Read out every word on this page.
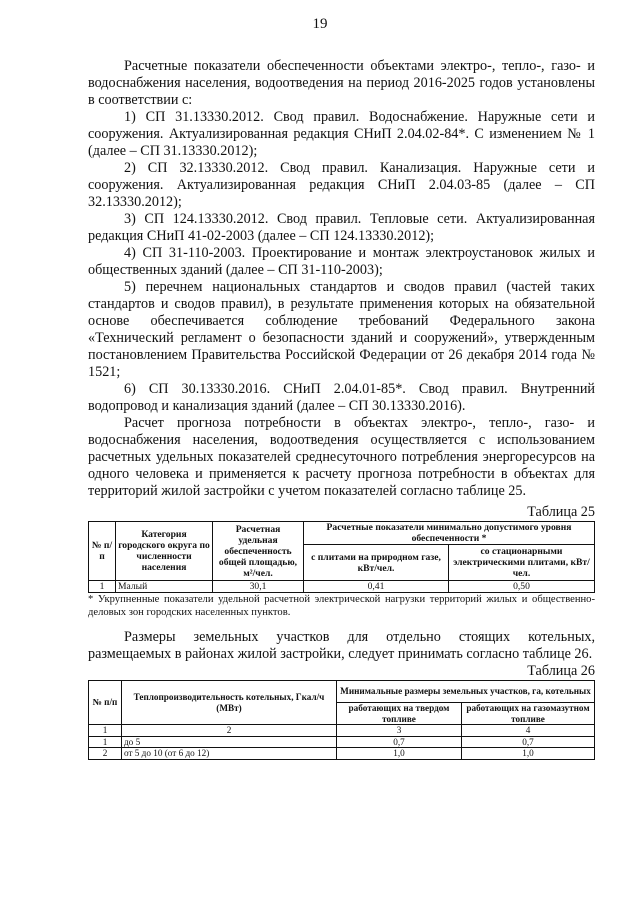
19

Расчетные показатели обеспеченности объектами электро-, тепло-, газо- и водоснабжения населения, водоотведения на период 2016-2025 годов установлены в соответствии с:

1) СП 31.13330.2012. Свод правил. Водоснабжение. Наружные сети и сооружения. Актуализированная редакция СНиП 2.04.02-84*. С изменением № 1 (далее – СП 31.13330.2012);

2) СП 32.13330.2012. Свод правил. Канализация. Наружные сети и сооружения. Актуализированная редакция СНиП 2.04.03-85 (далее – СП 32.13330.2012);

3) СП 124.13330.2012. Свод правил. Тепловые сети. Актуализированная редакция СНиП 41-02-2003 (далее – СП 124.13330.2012);

4) СП 31-110-2003. Проектирование и монтаж электроустановок жилых и общественных зданий (далее – СП 31-110-2003);

5) перечнем национальных стандартов и сводов правил (частей таких стандартов и сводов правил), в результате применения которых на обязательной основе обеспечивается соблюдение требований Федерального закона «Технический регламент о безопасности зданий и сооружений», утвержденным постановлением Правительства Российской Федерации от 26 декабря 2014 года № 1521;

6) СП 30.13330.2016. СНиП 2.04.01-85*. Свод правил. Внутренний водопровод и канализация зданий (далее – СП 30.13330.2016).

Расчет прогноза потребности в объектах электро-, тепло-, газо- и водоснабжения населения, водоотведения осуществляется с использованием расчетных удельных показателей среднесуточного потребления энергоресурсов на одного человека и применяется к расчету прогноза потребности в объектах для территорий жилой застройки с учетом показателей согласно таблице 25.

Таблица 25
№ п/п	Категория городского округа по численности населения	Расчетная удельная обеспеченность общей площадью, м²/чел.	Расчетные показатели минимально допустимого уровня обеспеченности *	
			с плитами на природном газе, кВт/чел.	со стационарными электрическими плитами, кВт/чел.
1	Малый	30,1	0,41	0,50

* Укрупненные показатели удельной расчетной электрической нагрузки территорий жилых и общественно-деловых зон городских населенных пунктов.

Размеры земельных участков для отдельно стоящих котельных, размещаемых в районах жилой застройки, следует принимать согласно таблице 26.

Таблица 26
№ п/п	Теплопроизводительность котельных, Гкал/ч (МВт)	Минимальные размеры земельных участков, га, котельных	
		работающих на твердом топливе	работающих на газомазутном топливе
1	2	3	4
1	до 5	0,7	0,7
2	от 5 до 10 (от 6 до 12)	1,0	1,0
